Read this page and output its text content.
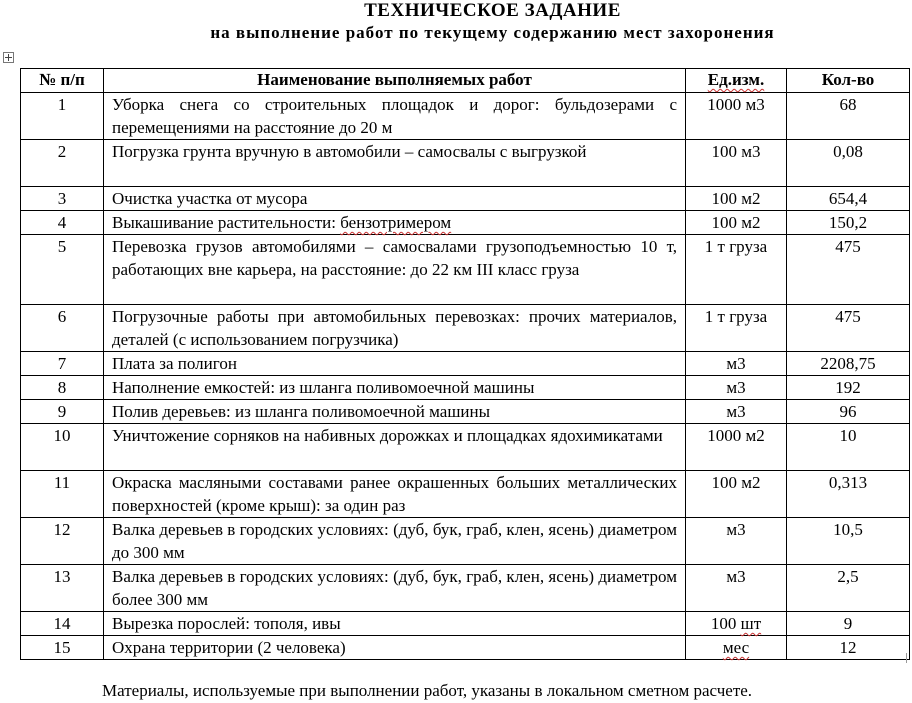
ТЕХНИЧЕСКОЕ ЗАДАНИЕ
на выполнение работ по текущему содержанию мест захоронения
№ п/п	Наименование выполняемых работ	Ед.изм.	Кол-во
1	Уборка снега со строительных площадок и дорог: бульдозерами с перемещениями на расстояние до 20 м	1000 м3	68
2	Погрузка грунта вручную в автомобили – самосвалы с выгрузкой	100 м3	0,08
3	Очистка участка от мусора	100 м2	654,4
4	Выкашивание растительности: бензотримером	100 м2	150,2
5	Перевозка грузов автомобилями – самосвалами грузоподъемностью 10 т, работающих вне карьера, на расстояние: до 22 км III класс груза	1 т груза	475
6	Погрузочные работы при автомобильных перевозках: прочих материалов, деталей (с использованием погрузчика)	1 т груза	475
7	Плата за полигон	м3	2208,75
8	Наполнение емкостей: из шланга поливомоечной машины	м3	192
9	Полив деревьев: из шланга поливомоечной машины	м3	96
10	Уничтожение сорняков на набивных дорожках и площадках ядохимикатами	1000 м2	10
11	Окраска масляными составами ранее окрашенных больших металлических поверхностей (кроме крыш): за один раз	100 м2	0,313
12	Валка деревьев в городских условиях: (дуб, бук, граб, клен, ясень) диаметром до 300 мм	м3	10,5
13	Валка деревьев в городских условиях: (дуб, бук, граб, клен, ясень) диаметром более 300 мм	м3	2,5
14	Вырезка порослей: тополя, ивы	100 шт	9
15	Охрана территории (2 человека)	мес	12
Материалы, используемые при выполнении работ, указаны в локальном сметном расчете.
